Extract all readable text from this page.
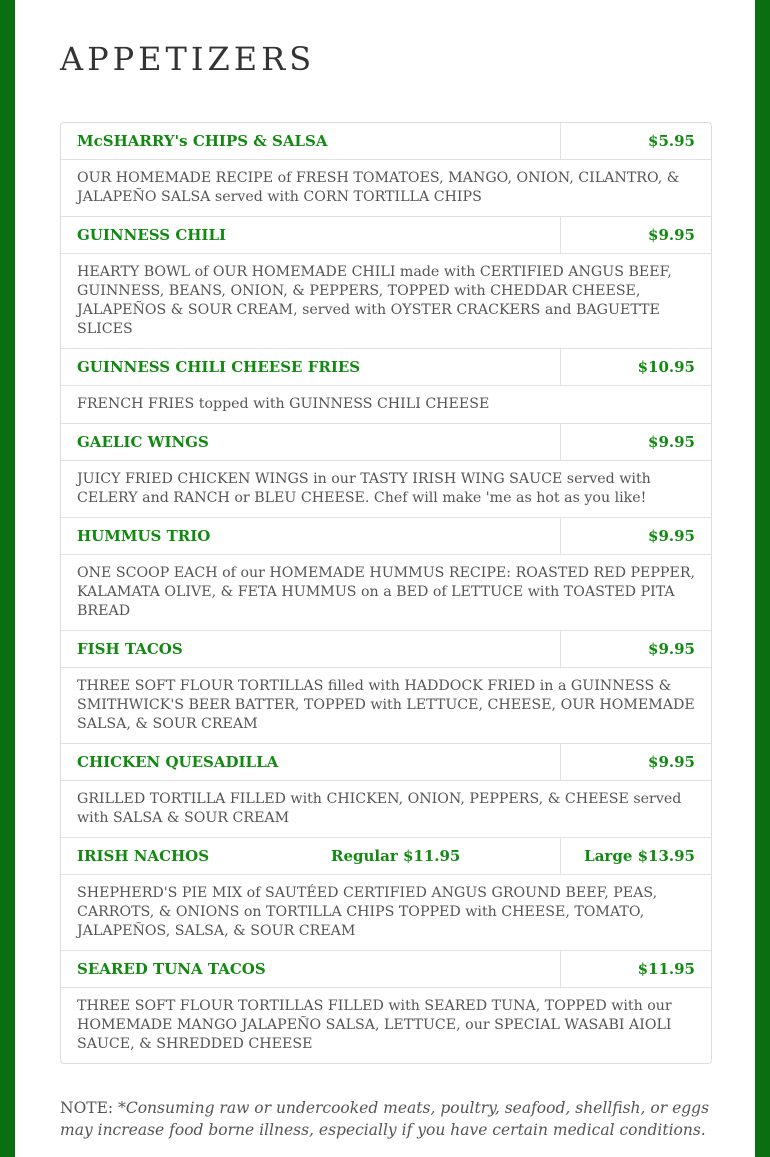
APPETIZERS
McSHARRY's CHIPS & SALSA	$5.95
OUR HOMEMADE RECIPE of FRESH TOMATOES, MANGO, ONION, CILANTRO, & JALAPEÑO SALSA served with CORN TORTILLA CHIPS
GUINNESS CHILI	$9.95
HEARTY BOWL of OUR HOMEMADE CHILI made with CERTIFIED ANGUS BEEF, GUINNESS, BEANS, ONION, & PEPPERS, TOPPED with CHEDDAR CHEESE, JALAPEÑOS & SOUR CREAM, served with OYSTER CRACKERS and BAGUETTE SLICES
GUINNESS CHILI CHEESE FRIES	$10.95
FRENCH FRIES topped with GUINNESS CHILI CHEESE
GAELIC WINGS	$9.95
JUICY FRIED CHICKEN WINGS in our TASTY IRISH WING SAUCE served with CELERY and RANCH or BLEU CHEESE. Chef will make 'me as hot as you like!
HUMMUS TRIO	$9.95
ONE SCOOP EACH of our HOMEMADE HUMMUS RECIPE: ROASTED RED PEPPER, KALAMATA OLIVE, & FETA HUMMUS on a BED of LETTUCE with TOASTED PITA BREAD
FISH TACOS	$9.95
THREE SOFT FLOUR TORTILLAS filled with HADDOCK FRIED in a GUINNESS & SMITHWICK'S BEER BATTER, TOPPED with LETTUCE, CHEESE, OUR HOMEMADE SALSA, & SOUR CREAM
CHICKEN QUESADILLA	$9.95
GRILLED TORTILLA FILLED with CHICKEN, ONION, PEPPERS, & CHEESE served with SALSA & SOUR CREAM
IRISH NACHOS	Regular $11.95	Large $13.95
SHEPHERD'S PIE MIX of SAUTÉED CERTIFIED ANGUS GROUND BEEF, PEAS, CARROTS, & ONIONS on TORTILLA CHIPS TOPPED with CHEESE, TOMATO, JALAPEÑOS, SALSA, & SOUR CREAM
SEARED TUNA TACOS	$11.95
THREE SOFT FLOUR TORTILLAS FILLED with SEARED TUNA, TOPPED with our HOMEMADE MANGO JALAPEÑO SALSA, LETTUCE, our SPECIAL WASABI AIOLI SAUCE, & SHREDDED CHEESE

NOTE: *Consuming raw or undercooked meats, poultry, seafood, shellfish, or eggs may increase food borne illness, especially if you have certain medical conditions.
